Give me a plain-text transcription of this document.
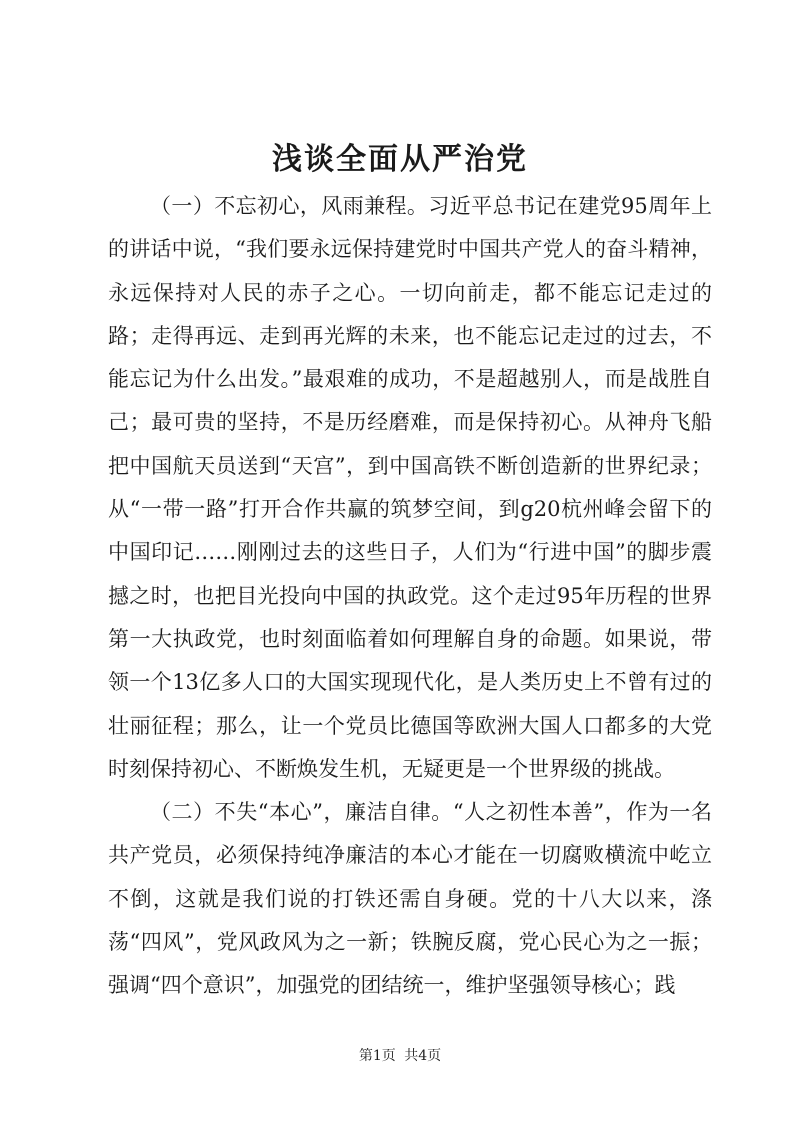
浅谈全面从严治党

（一）不忘初心，风雨兼程。习近平总书记在建党95周年上的讲话中说，“我们要永远保持建党时中国共产党人的奋斗精神，永远保持对人民的赤子之心。一切向前走，都不能忘记走过的路；走得再远、走到再光辉的未来，也不能忘记走过的过去，不能忘记为什么出发。”最艰难的成功，不是超越别人，而是战胜自己；最可贵的坚持，不是历经磨难，而是保持初心。从神舟飞船把中国航天员送到“天宫”，到中国高铁不断创造新的世界纪录；从“一带一路”打开合作共赢的筑梦空间，到g20杭州峰会留下的中国印记……刚刚过去的这些日子，人们为“行进中国”的脚步震撼之时，也把目光投向中国的执政党。这个走过95年历程的世界第一大执政党，也时刻面临着如何理解自身的命题。如果说，带领一个13亿多人口的大国实现现代化，是人类历史上不曾有过的壮丽征程；那么，让一个党员比德国等欧洲大国人口都多的大党时刻保持初心、不断焕发生机，无疑更是一个世界级的挑战。

（二）不失“本心”，廉洁自律。“人之初性本善”，作为一名共产党员，必须保持纯净廉洁的本心才能在一切腐败横流中屹立不倒，这就是我们说的打铁还需自身硬。党的十八大以来，涤荡“四风”，党风政风为之一新；铁腕反腐，党心民心为之一振；强调“四个意识”，加强党的团结统一，维护坚强领导核心；践

第1页 共4页
